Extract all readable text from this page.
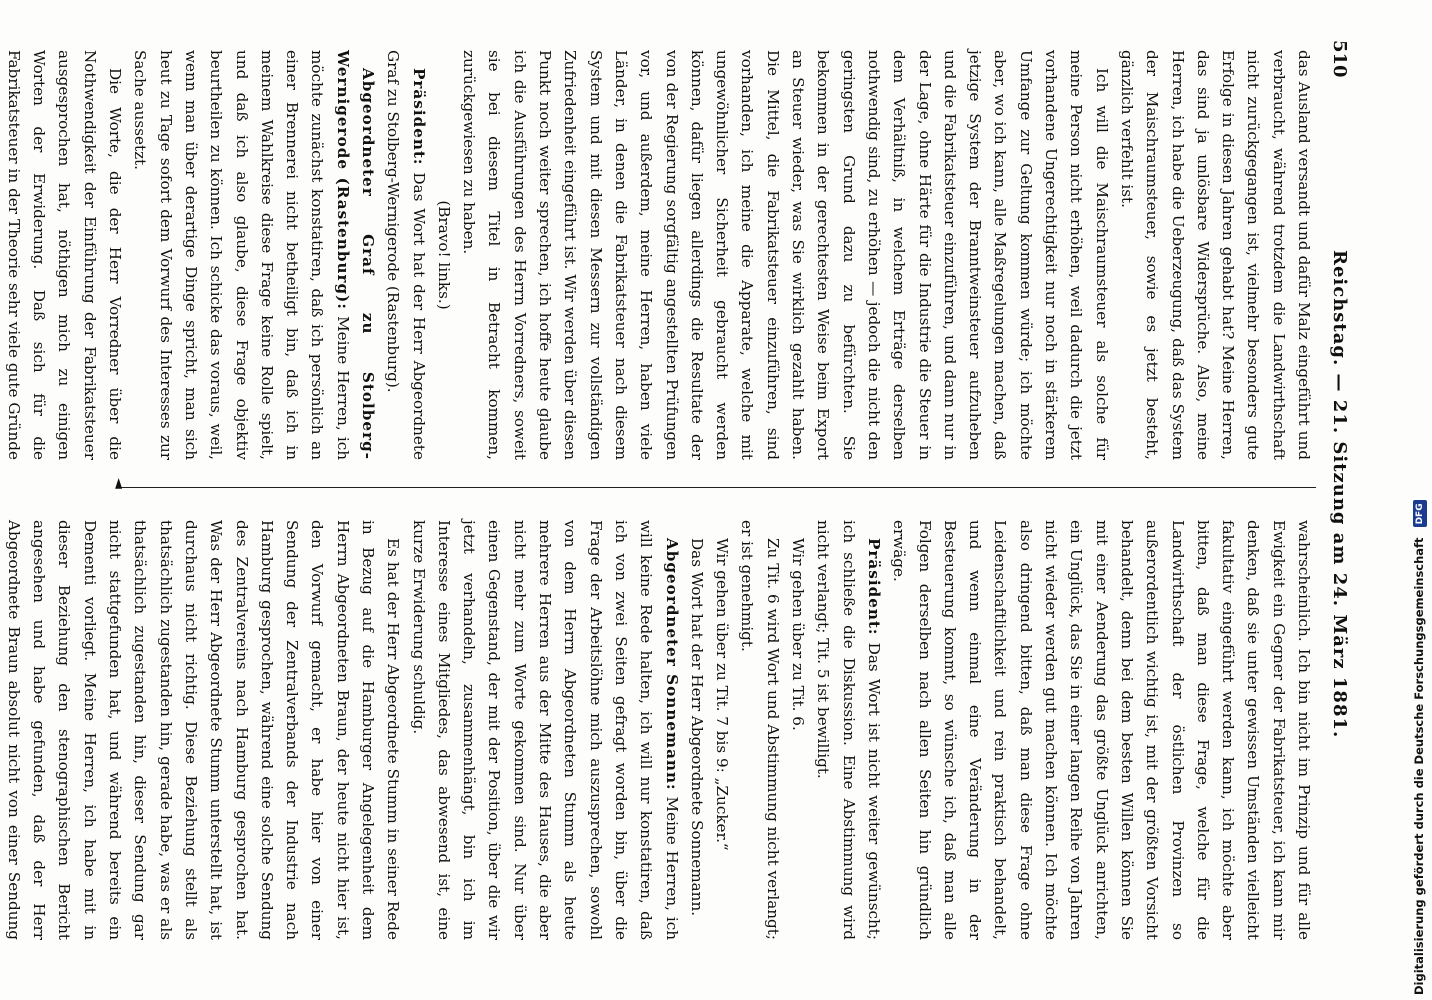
510
Reichstag. — 21. Sitzung am 24. März 1881.

das Ausland versandt und dafür Malz eingeführt und verbraucht, während trotzdem die Landwirthschaft nicht zurückgegangen ist, vielmehr besonders gute Erfolge in diesen Jahren gehabt hat? Meine Herren, das sind ja unlösbare Widersprüche. Also, meine Herren, ich habe die Ueberzeugung, daß das System der Maischraumsteuer, sowie es jetzt besteht, gänzlich verfehlt ist.

Ich will die Maischraumsteuer als solche für meine Person nicht erhöhen, weil dadurch die jetzt vorhandene Ungerechtigkeit nur noch in stärkerem Umfange zur Geltung kommen würde; ich möchte aber, wo ich kann, alle Maßregelungen machen, daß jetzige System der Branntweinsteuer aufzuheben und die Fabrikatsteuer einzuführen, und dann nur in der Lage, ohne Härte für die Industrie die Steuer in dem Verhältniß, in welchem Erträge derselben nothwendig sind, zu erhöhen — jedoch die nicht den geringsten Grund dazu zu befürchten. Sie bekommen in der gerechtesten Weise beim Export an Steuer wieder, was Sie wirklich gezahlt haben. Die Mittel, die Fabrikatsteuer einzuführen, sind vorhanden, ich meine die Apparate, welche mit ungewöhnlicher Sicherheit gebraucht werden können, dafür liegen allerdings die Resultate der von der Regierung sorgfältig angestellten Prüfungen vor, und außerdem, meine Herren, haben viele Länder, in denen die Fabrikatsteuer nach diesem System und mit diesen Messern zur vollständigen Zufriedenheit eingeführt ist. Wir werden über diesen Punkt noch weiter sprechen, ich hoffe heute glaube ich die Ausführungen des Herrn Vorredners, soweit sie bei diesem Titel in Betracht kommen, zurückgewiesen zu haben.

(Bravo! links.)

Präsident: Das Wort hat der Herr Abgeordnete Graf zu Stolberg-Wernigerode (Rastenburg).

Abgeordneter Graf zu Stolberg-Wernigerode (Rastenburg): Meine Herren, ich möchte zunächst konstatiren, daß ich persönlich an einer Brennerei nicht betheiligt bin, daß ich in meinem Wahlkreise diese Frage keine Rolle spielt, und daß ich also glaube, diese Frage objektiv beurtheilen zu können. Ich schicke das voraus, weil, wenn man über derartige Dinge spricht, man sich heut zu Tage sofort dem Vorwurf des Interesses zur Sache aussetzt.

Die Worte, die der Herr Vorredner über die Nothwendigkeit der Einführung der Fabrikatsteuer ausgesprochen hat, nöthigen mich zu einigen Worten der Erwiderung. Daß sich für die Fabrikatsteuer in der Theorie sehr viele gute Gründe

◄

wahrscheinlich. Ich bin nicht im Prinzip und für alle Ewigkeit ein Gegner der Fabrikatsteuer, ich kann mir denken, daß sie unter gewissen Umständen vielleicht fakultativ eingeführt werden kann, ich möchte aber bitten, daß man diese Frage, welche für die Landwirthschaft der östlichen Provinzen so außerordentlich wichtig ist, mit der größten Vorsicht behandelt, denn bei dem besten Willen können Sie mit einer Aenderung das größte Unglück anrichten, ein Unglück, das Sie in einer langen Reihe von Jahren nicht wieder werden gut machen können. Ich möchte also dringend bitten, daß man diese Frage ohne Leidenschaftlichkeit und rein praktisch behandelt, und wenn einmal eine Veränderung in der Besteuerung kommt, so wünsche ich, daß man alle Folgen derselben nach allen Seiten hin gründlich erwäge.

Präsident: Das Wort ist nicht weiter gewünscht; ich schließe die Diskussion. Eine Abstimmung wird nicht verlangt; Tit. 5 ist bewilligt.

Wir gehen über zu Tit. 6.

Zu Tit. 6 wird Wort und Abstimmung nicht verlangt; er ist genehmigt.

Wir gehen über zu Tit. 7 bis 9: „Zucker.“

Das Wort hat der Herr Abgeordnete Sonnemann.

Abgeordneter Sonnemann: Meine Herren, ich will keine Rede halten, ich will nur konstatiren, daß ich von zwei Seiten gefragt worden bin, über die Frage der Arbeitslöhne mich auszusprechen, sowohl von dem Herrn Abgeordneten Stumm als heute mehrere Herren aus der Mitte des Hauses, die aber nicht mehr zum Worte gekommen sind. Nur über einen Gegenstand, der mit der Position, über die wir jetzt verhandeln, zusammenhängt, bin ich im Interesse eines Mitgliedes, das abwesend ist, eine kurze Erwiderung schuldig.

Es hat der Herr Abgeordnete Stumm in seiner Rede in Bezug auf die Hamburger Angelegenheit dem Herrn Abgeordneten Braun, der heute nicht hier ist, den Vorwurf gemacht, er habe hier von einer Sendung der Zentralverbands der Industrie nach Hamburg gesprochen, während eine solche Sendung des Zentralvereins nach Hamburg gesprochen hat. Was der Herr Abgeordnete Stumm unterstellt hat, ist durchaus nicht richtig. Diese Beziehung stellt als thatsächlich zugestanden hin, gerade habe, was er als thatsächlich zugestanden hin, dieser Sendung gar nicht stattgefunden hat, und während bereits ein Dementi vorliegt. Meine Herren, ich habe mit in dieser Beziehung den stenographischen Bericht angesehen und habe gefunden, daß der Herr Abgeordnete Braun absolut nicht von einer Sendung	Digitalisierung gefördert durch die Deutsche Forschungsgemeinschaft DFG
